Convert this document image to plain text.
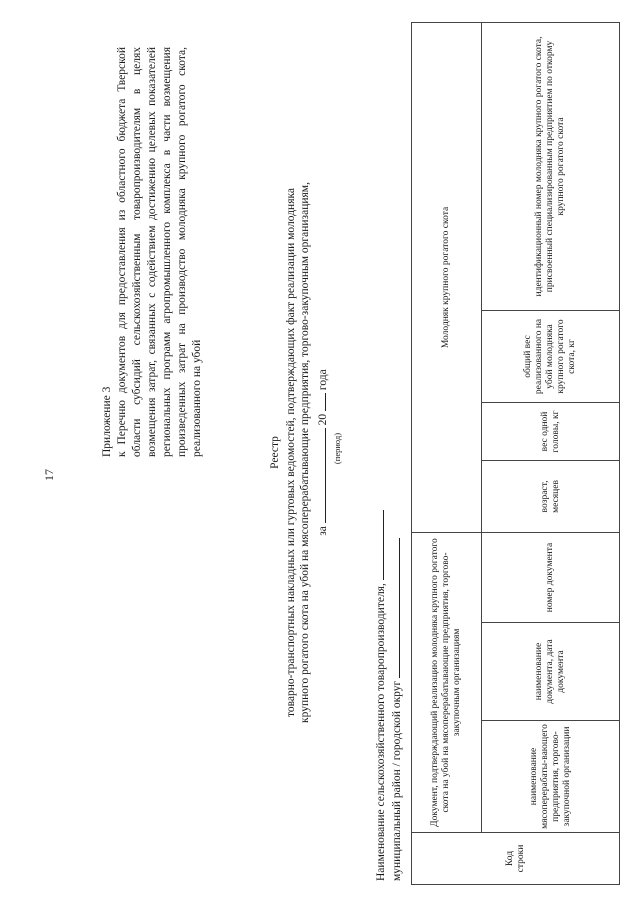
17
Приложение 3 к Перечню документов для предоставления из областного бюджета Тверской области субсидий сельскохозяйственным товаропроизводителям в целях возмещения затрат, связанных с содействием достижению целевых показателей региональных программ агропромышленного комплекса в части возмещения произведенных затрат на производство молодняка крупного рогатого скота, реализованного на убой	Реестр товарно-транспортных накладных или гуртовых ведомостей, подтверждающих факт реализации молодняка крупного рогатого скота на убой на мясоперерабатывающие предприятия, торгово-закупочным организациям, за  20  года
(период)
Наименование сельскохозяйственного товаропроизводителя, муниципальный район / городской округ	Код строки	Документ, подтверждающий реализацию молодняка крупного рогатого скота на убой на мясоперерабатывающие предприятия, торгово-закупочным организациям			Молодняк крупного рогатого скота			
	наименование мясоперерабаты-вающего предприятия, торгово-закупочной организации	наименование документа, дата документа	номер документа	возраст, месяцев	вес одной головы, кг	общий вес реализованного на убой молодняка крупного рогатого скота, кг	идентификационный номер молодняка крупного рогатого скота, присвоенный специализированным предприятием по откорму крупного рогатого скота
